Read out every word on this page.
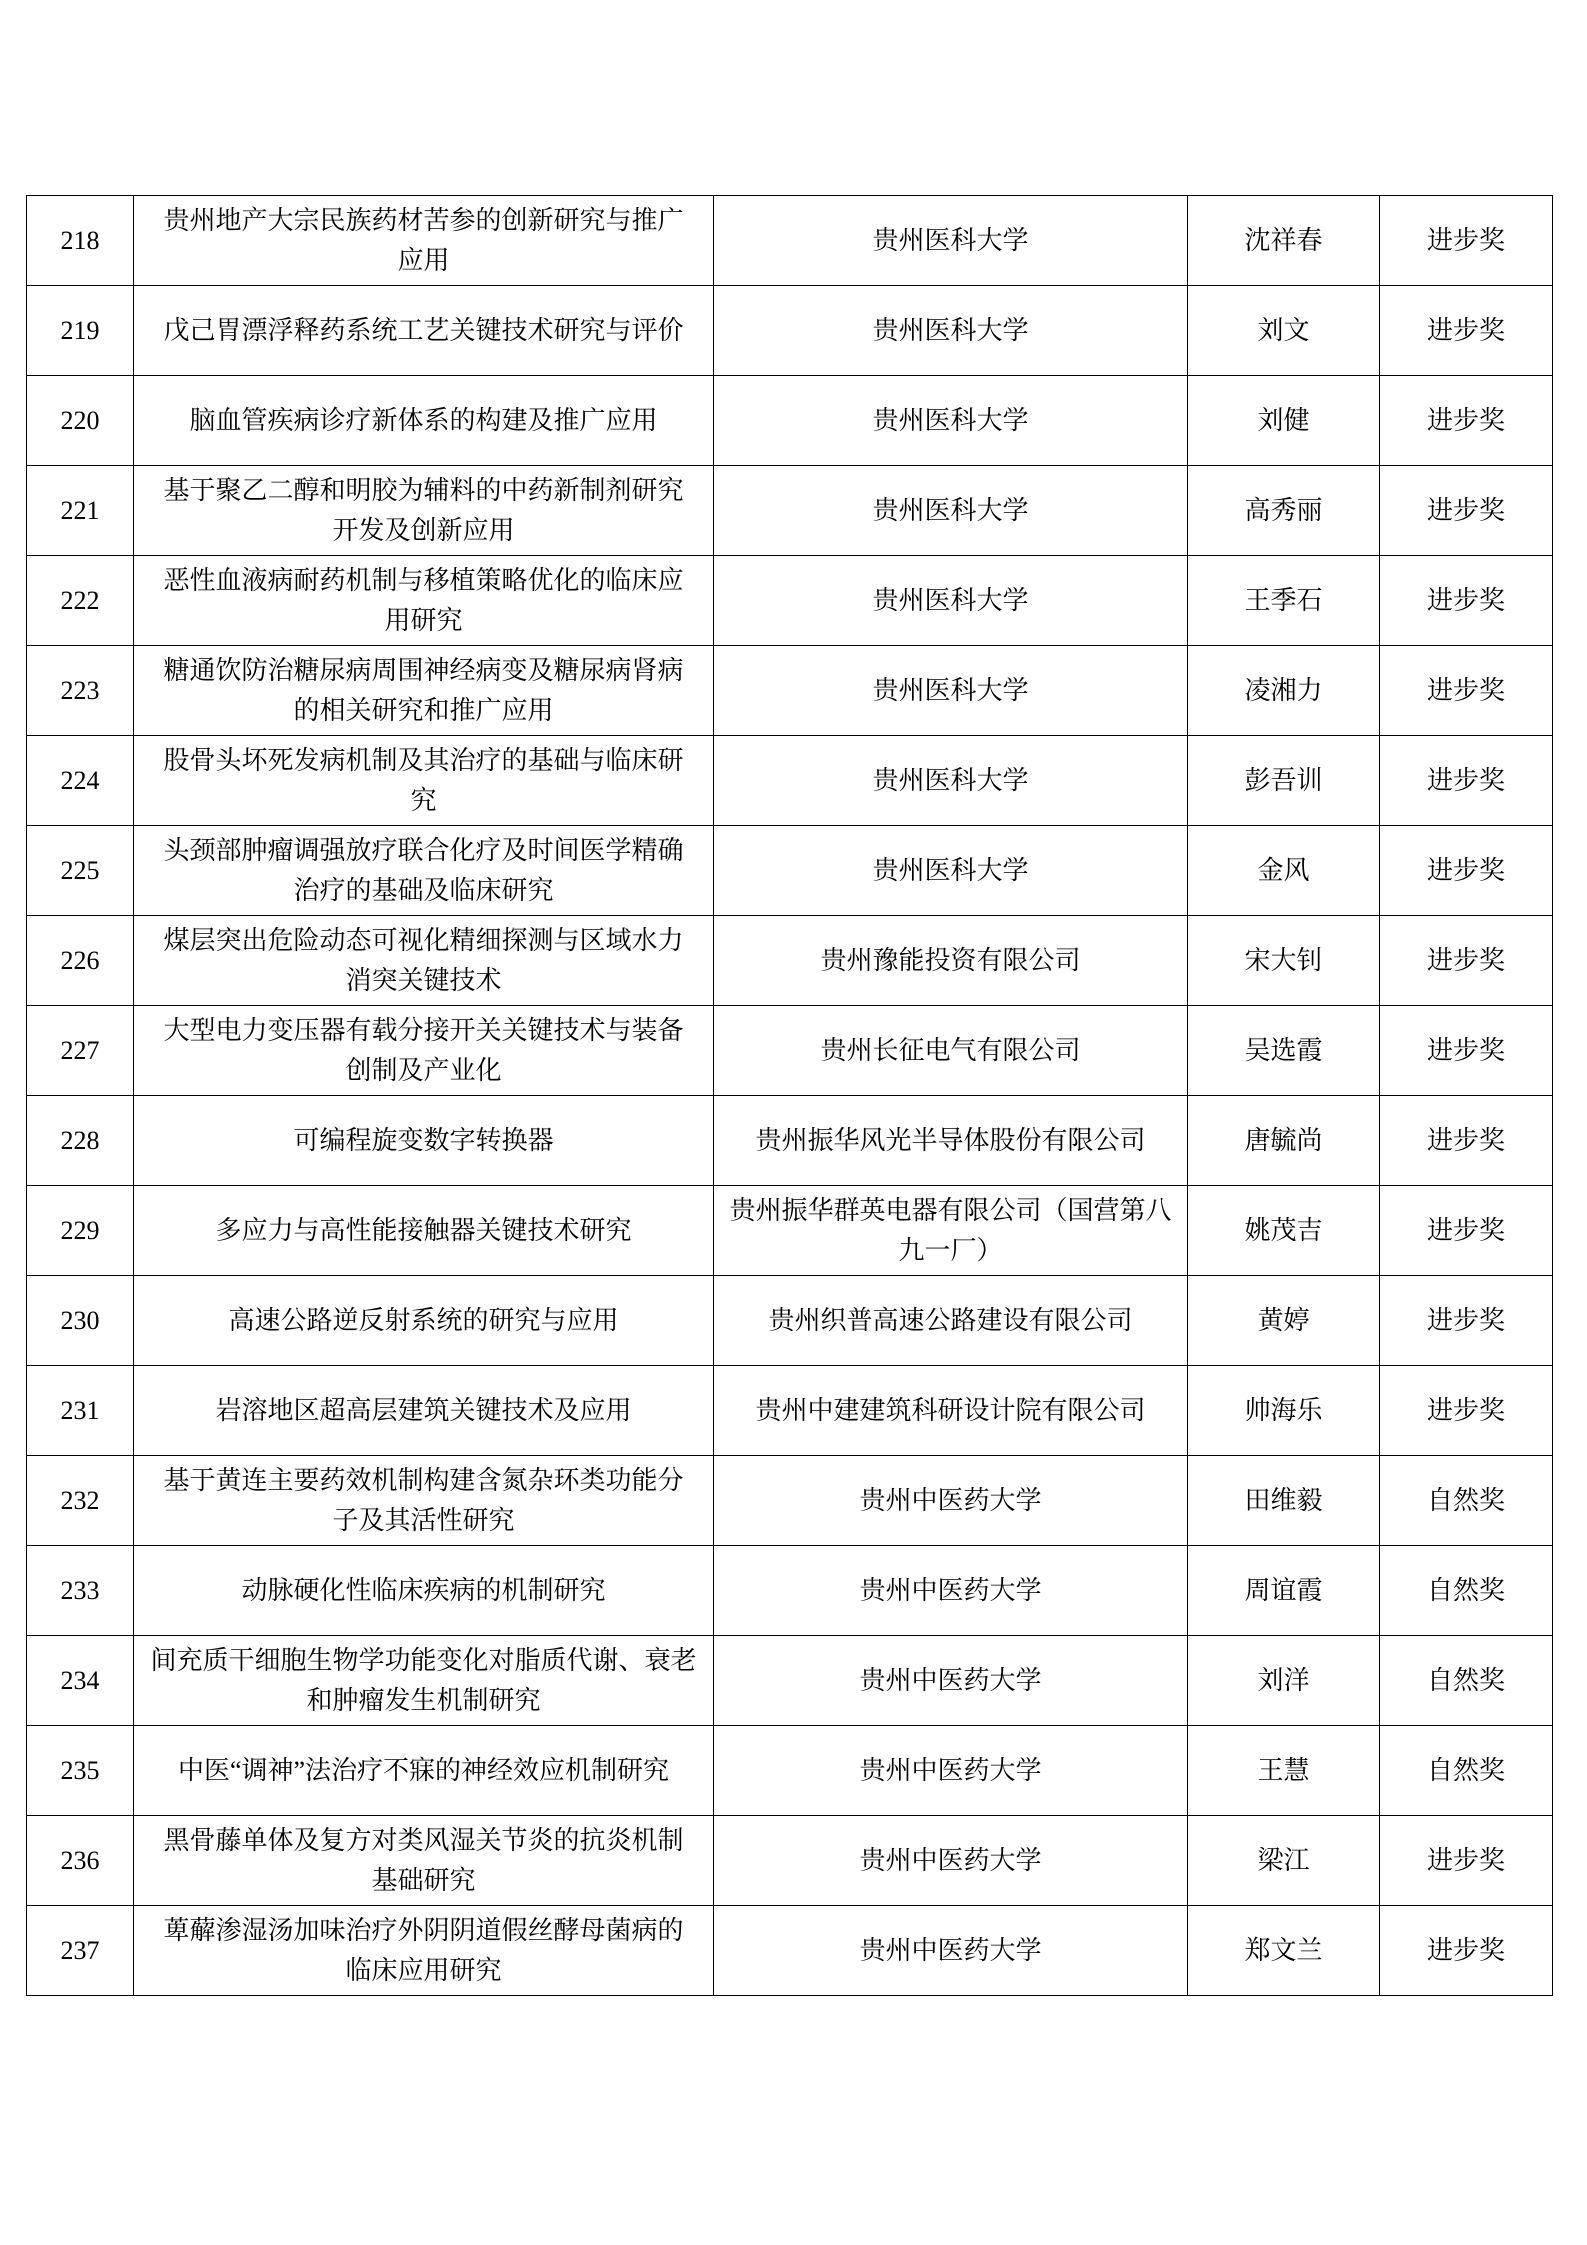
218	贵州地产大宗民族药材苦参的创新研究与推广
应用	贵州医科大学	沈祥春	进步奖
219	戊己胃漂浮释药系统工艺关键技术研究与评价	贵州医科大学	刘文	进步奖
220	脑血管疾病诊疗新体系的构建及推广应用	贵州医科大学	刘健	进步奖
221	基于聚乙二醇和明胶为辅料的中药新制剂研究
开发及创新应用	贵州医科大学	高秀丽	进步奖
222	恶性血液病耐药机制与移植策略优化的临床应
用研究	贵州医科大学	王季石	进步奖
223	糖通饮防治糖尿病周围神经病变及糖尿病肾病
的相关研究和推广应用	贵州医科大学	凌湘力	进步奖
224	股骨头坏死发病机制及其治疗的基础与临床研
究	贵州医科大学	彭吾训	进步奖
225	头颈部肿瘤调强放疗联合化疗及时间医学精确
治疗的基础及临床研究	贵州医科大学	金风	进步奖
226	煤层突出危险动态可视化精细探测与区域水力
消突关键技术	贵州豫能投资有限公司	宋大钊	进步奖
227	大型电力变压器有载分接开关关键技术与装备
创制及产业化	贵州长征电气有限公司	吴选霞	进步奖
228	可编程旋变数字转换器	贵州振华风光半导体股份有限公司	唐毓尚	进步奖
229	多应力与高性能接触器关键技术研究	贵州振华群英电器有限公司（国营第八
九一厂）	姚茂吉	进步奖
230	高速公路逆反射系统的研究与应用	贵州织普高速公路建设有限公司	黄婷	进步奖
231	岩溶地区超高层建筑关键技术及应用	贵州中建建筑科研设计院有限公司	帅海乐	进步奖
232	基于黄连主要药效机制构建含氮杂环类功能分
子及其活性研究	贵州中医药大学	田维毅	自然奖
233	动脉硬化性临床疾病的机制研究	贵州中医药大学	周谊霞	自然奖
234	间充质干细胞生物学功能变化对脂质代谢、衰老
和肿瘤发生机制研究	贵州中医药大学	刘洋	自然奖
235	中医“调神”法治疗不寐的神经效应机制研究	贵州中医药大学	王慧	自然奖
236	黑骨藤单体及复方对类风湿关节炎的抗炎机制
基础研究	贵州中医药大学	梁江	进步奖
237	萆薢渗湿汤加味治疗外阴阴道假丝酵母菌病的
临床应用研究	贵州中医药大学	郑文兰	进步奖
